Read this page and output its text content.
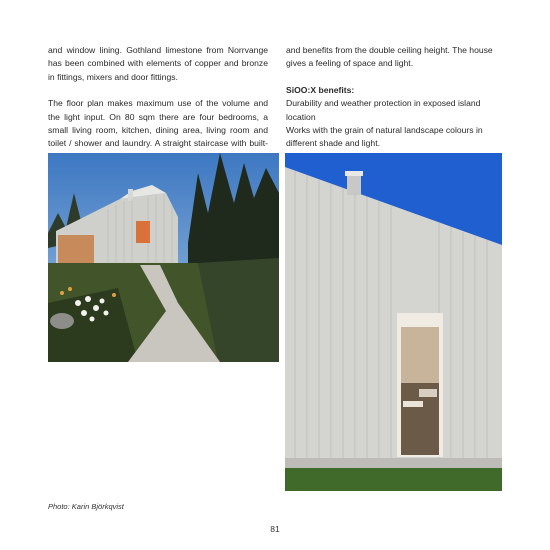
and window lining. Gothland limestone from Norrvange has been combined with elements of copper and bronze in fittings, mixers and door fittings.

The floor plan makes maximum use of the volume and the light input. On 80 sqm there are four bedrooms, a small living room, kitchen, dining area, living room and toilet / shower and laundry. A straight staircase with built-

and benefits from the double ceiling height. The house gives a feeling of space and light.

SiOO:X benefits:
Durability and weather protection in exposed island location
Works with the grain of natural landscape colours in different shade and light.
Photo: Karin Björkqvist
81
